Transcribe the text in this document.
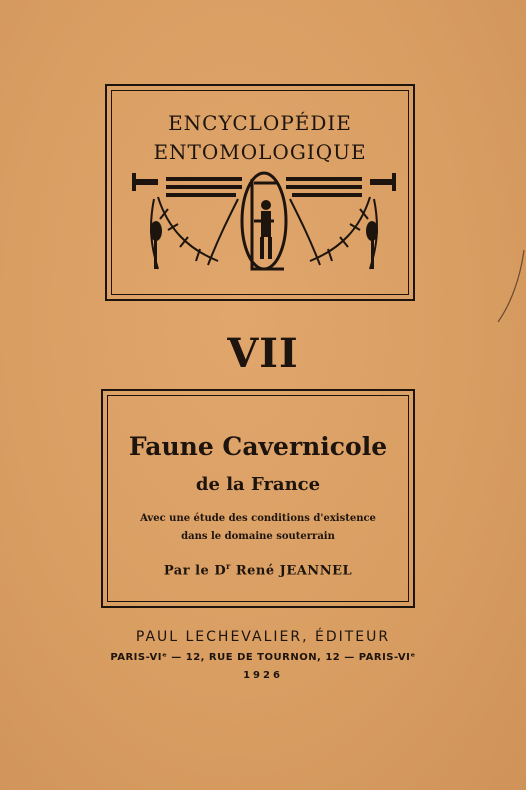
ENCYCLOPÉDIE
ENTOMOLOGIQUE
VII
Faune Cavernicole
de la France
Avec une étude des conditions d'existence
dans le domaine souterrain
Par le $D^r$ René JEANNEL
PAUL LECHEVALIER, ÉDITEUR
PARIS-VIᵉ — 12, RUE DE TOURNON, 12 — PARIS-VIᵉ
1926
